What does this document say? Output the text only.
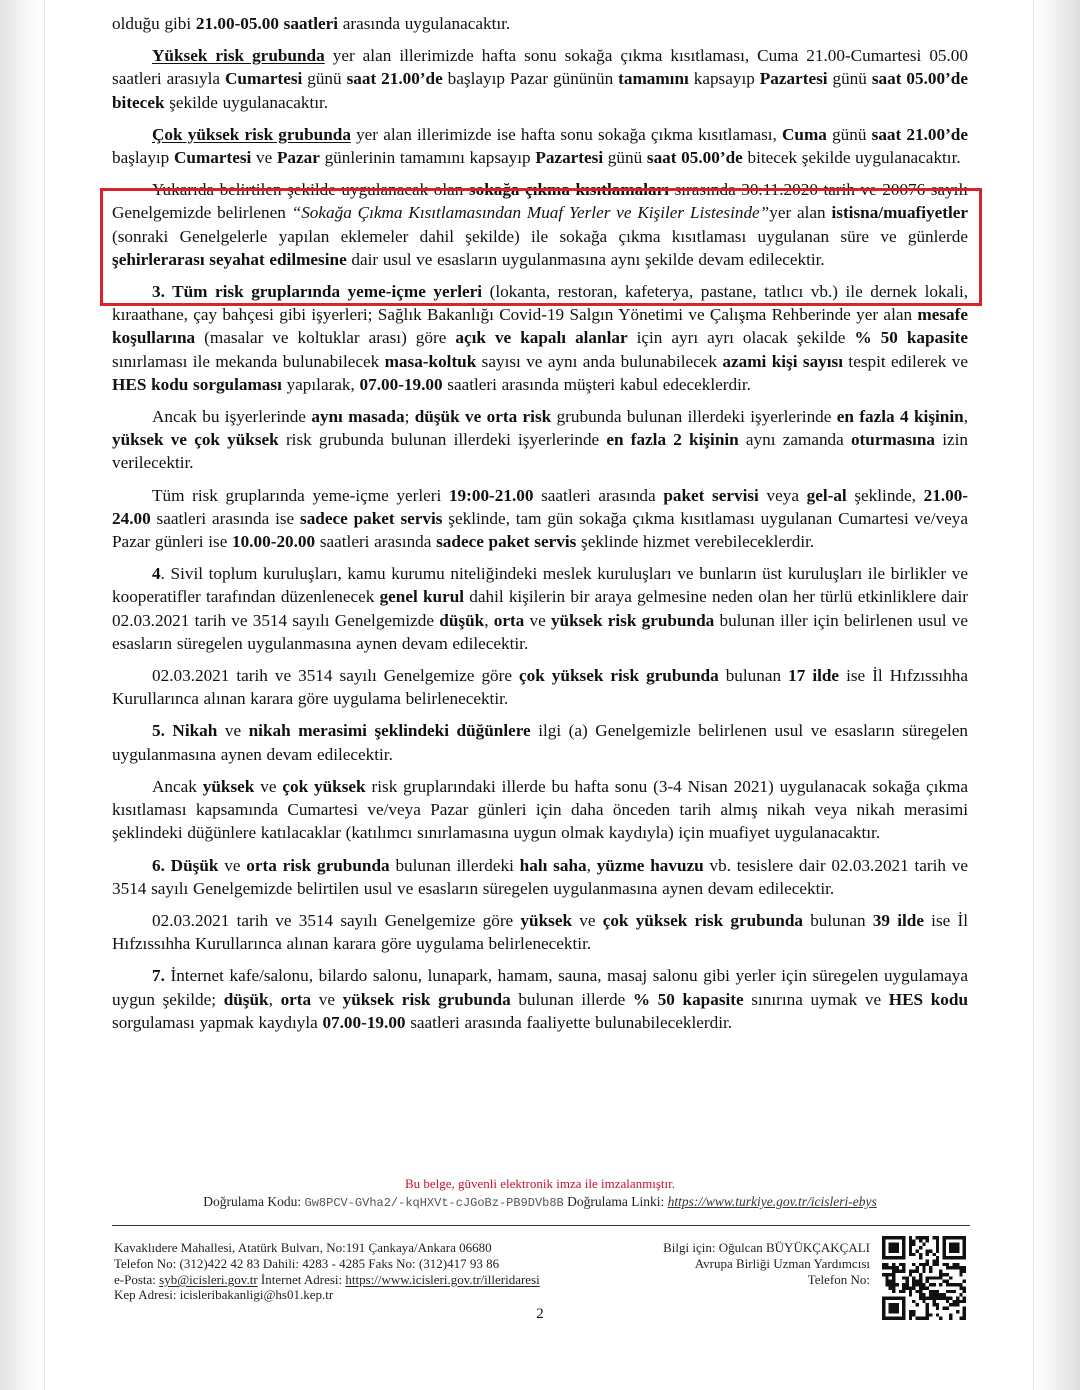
olduğu gibi 21.00-05.00 saatleri arasında uygulanacaktır.

Yüksek risk grubunda yer alan illerimizde hafta sonu sokağa çıkma kısıtlaması, Cuma 21.00-Cumartesi 05.00 saatleri arasıyla Cumartesi günü saat 21.00’de başlayıp Pazar gününün tamamını kapsayıp Pazartesi günü saat 05.00’de bitecek şekilde uygulanacaktır.

Çok yüksek risk grubunda yer alan illerimizde ise hafta sonu sokağa çıkma kısıtlaması, Cuma günü saat 21.00’de başlayıp Cumartesi ve Pazar günlerinin tamamını kapsayıp Pazartesi günü saat 05.00’de bitecek şekilde uygulanacaktır.

Yukarıda belirtilen şekilde uygulanacak olan sokağa çıkma kısıtlamaları sırasında 30.11.2020 tarih ve 20076 sayılı Genelgemizde belirlenen “Sokağa Çıkma Kısıtlamasından Muaf Yerler ve Kişiler Listesinde”yer alan istisna/muafiyetler (sonraki Genelgelerle yapılan eklemeler dahil şekilde) ile sokağa çıkma kısıtlaması uygulanan süre ve günlerde şehirlerarası seyahat edilmesine dair usul ve esasların uygulanmasına aynı şekilde devam edilecektir.

3. Tüm risk gruplarında yeme-içme yerleri (lokanta, restoran, kafeterya, pastane, tatlıcı vb.) ile dernek lokali, kıraathane, çay bahçesi gibi işyerleri; Sağlık Bakanlığı Covid-19 Salgın Yönetimi ve Çalışma Rehberinde yer alan mesafe koşullarına (masalar ve koltuklar arası) göre açık ve kapalı alanlar için ayrı ayrı olacak şekilde % 50 kapasite sınırlaması ile mekanda bulunabilecek masa-koltuk sayısı ve aynı anda bulunabilecek azami kişi sayısı tespit edilerek ve HES kodu sorgulaması yapılarak, 07.00-19.00 saatleri arasında müşteri kabul edeceklerdir.

Ancak bu işyerlerinde aynı masada; düşük ve orta risk grubunda bulunan illerdeki işyerlerinde en fazla 4 kişinin, yüksek ve çok yüksek risk grubunda bulunan illerdeki işyerlerinde en fazla 2 kişinin aynı zamanda oturmasına izin verilecektir.

Tüm risk gruplarında yeme-içme yerleri 19:00-21.00 saatleri arasında paket servisi veya gel-al şeklinde, 21.00-24.00 saatleri arasında ise sadece paket servis şeklinde, tam gün sokağa çıkma kısıtlaması uygulanan Cumartesi ve/veya Pazar günleri ise 10.00-20.00 saatleri arasında sadece paket servis şeklinde hizmet verebileceklerdir.

4. Sivil toplum kuruluşları, kamu kurumu niteliğindeki meslek kuruluşları ve bunların üst kuruluşları ile birlikler ve kooperatifler tarafından düzenlenecek genel kurul dahil kişilerin bir araya gelmesine neden olan her türlü etkinliklere dair 02.03.2021 tarih ve 3514 sayılı Genelgemizde düşük, orta ve yüksek risk grubunda bulunan iller için belirlenen usul ve esasların süregelen uygulanmasına aynen devam edilecektir.

02.03.2021 tarih ve 3514 sayılı Genelgemize göre çok yüksek risk grubunda bulunan 17 ilde ise İl Hıfzıssıhha Kurullarınca alınan karara göre uygulama belirlenecektir.

5. Nikah ve nikah merasimi şeklindeki düğünlere ilgi (a) Genelgemizle belirlenen usul ve esasların süregelen uygulanmasına aynen devam edilecektir.

Ancak yüksek ve çok yüksek risk gruplarındaki illerde bu hafta sonu (3-4 Nisan 2021) uygulanacak sokağa çıkma kısıtlaması kapsamında Cumartesi ve/veya Pazar günleri için daha önceden tarih almış nikah veya nikah merasimi şeklindeki düğünlere katılacaklar (katılımcı sınırlamasına uygun olmak kaydıyla) için muafiyet uygulanacaktır.

6. Düşük ve orta risk grubunda bulunan illerdeki halı saha, yüzme havuzu vb. tesislere dair 02.03.2021 tarih ve 3514 sayılı Genelgemizde belirtilen usul ve esasların süregelen uygulanmasına aynen devam edilecektir.

02.03.2021 tarih ve 3514 sayılı Genelgemize göre yüksek ve çok yüksek risk grubunda bulunan 39 ilde ise İl Hıfzıssıhha Kurullarınca alınan karara göre uygulama belirlenecektir.

7. İnternet kafe/salonu, bilardo salonu, lunapark, hamam, sauna, masaj salonu gibi yerler için süregelen uygulamaya uygun şekilde; düşük, orta ve yüksek risk grubunda bulunan illerde % 50 kapasite sınırına uymak ve HES kodu sorgulaması yapmak kaydıyla 07.00-19.00 saatleri arasında faaliyette bulunabileceklerdir.

Bu belge, güvenli elektronik imza ile imzalanmıştır.
Doğrulama Kodu: Gw8PCV-GVha2/-kqHXVt-cJGoBz-PB9DVb8B Doğrulama Linki: https://www.turkiye.gov.tr/icisleri-ebys
Kavaklıdere Mahallesi, Atatürk Bulvarı, No:191 Çankaya/Ankara 06680
Telefon No: (312)422 42 83 Dahili: 4283 - 4285 Faks No: (312)417 93 86
e-Posta: syb@icisleri.gov.tr İnternet Adresi: https://www.icisleri.gov.tr/illeridaresi
Kep Adresi: icisleribakanligi@hs01.kep.tr
Bilgi için: Oğulcan BÜYÜKÇAKÇALI
Avrupa Birliği Uzman Yardımcısı
Telefon No:
2
